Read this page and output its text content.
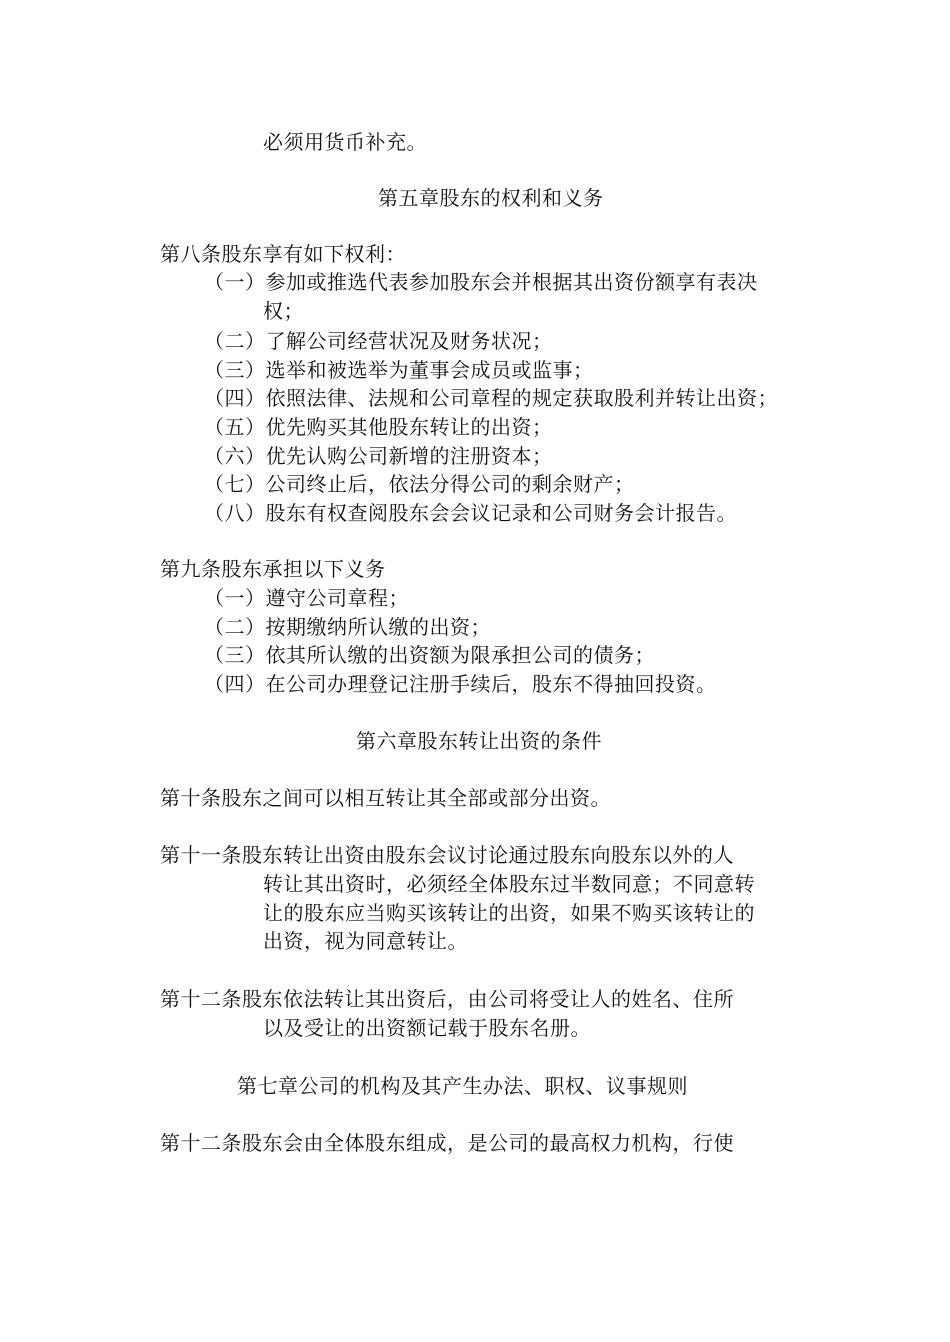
必须用货币补充。
第五章股东的权利和义务
第八条股东享有如下权利：
（一）参加或推选代表参加股东会并根据其出资份额享有表决
权；
（二）了解公司经营状况及财务状况；
（三）选举和被选举为董事会成员或监事；
（四）依照法律、法规和公司章程的规定获取股利并转让出资；
（五）优先购买其他股东转让的出资；
（六）优先认购公司新增的注册资本；
（七）公司终止后，依法分得公司的剩余财产；
（八）股东有权查阅股东会会议记录和公司财务会计报告。
第九条股东承担以下义务
（一）遵守公司章程；
（二）按期缴纳所认缴的出资；
（三）依其所认缴的出资额为限承担公司的债务；
（四）在公司办理登记注册手续后，股东不得抽回投资。
第六章股东转让出资的条件
第十条股东之间可以相互转让其全部或部分出资。
第十一条股东转让出资由股东会议讨论通过股东向股东以外的人
转让其出资时，必须经全体股东过半数同意；不同意转
让的股东应当购买该转让的出资，如果不购买该转让的
出资，视为同意转让。
第十二条股东依法转让其出资后，由公司将受让人的姓名、住所
以及受让的出资额记载于股东名册。
第七章公司的机构及其产生办法、职权、议事规则
第十二条股东会由全体股东组成，是公司的最高权力机构，行使
